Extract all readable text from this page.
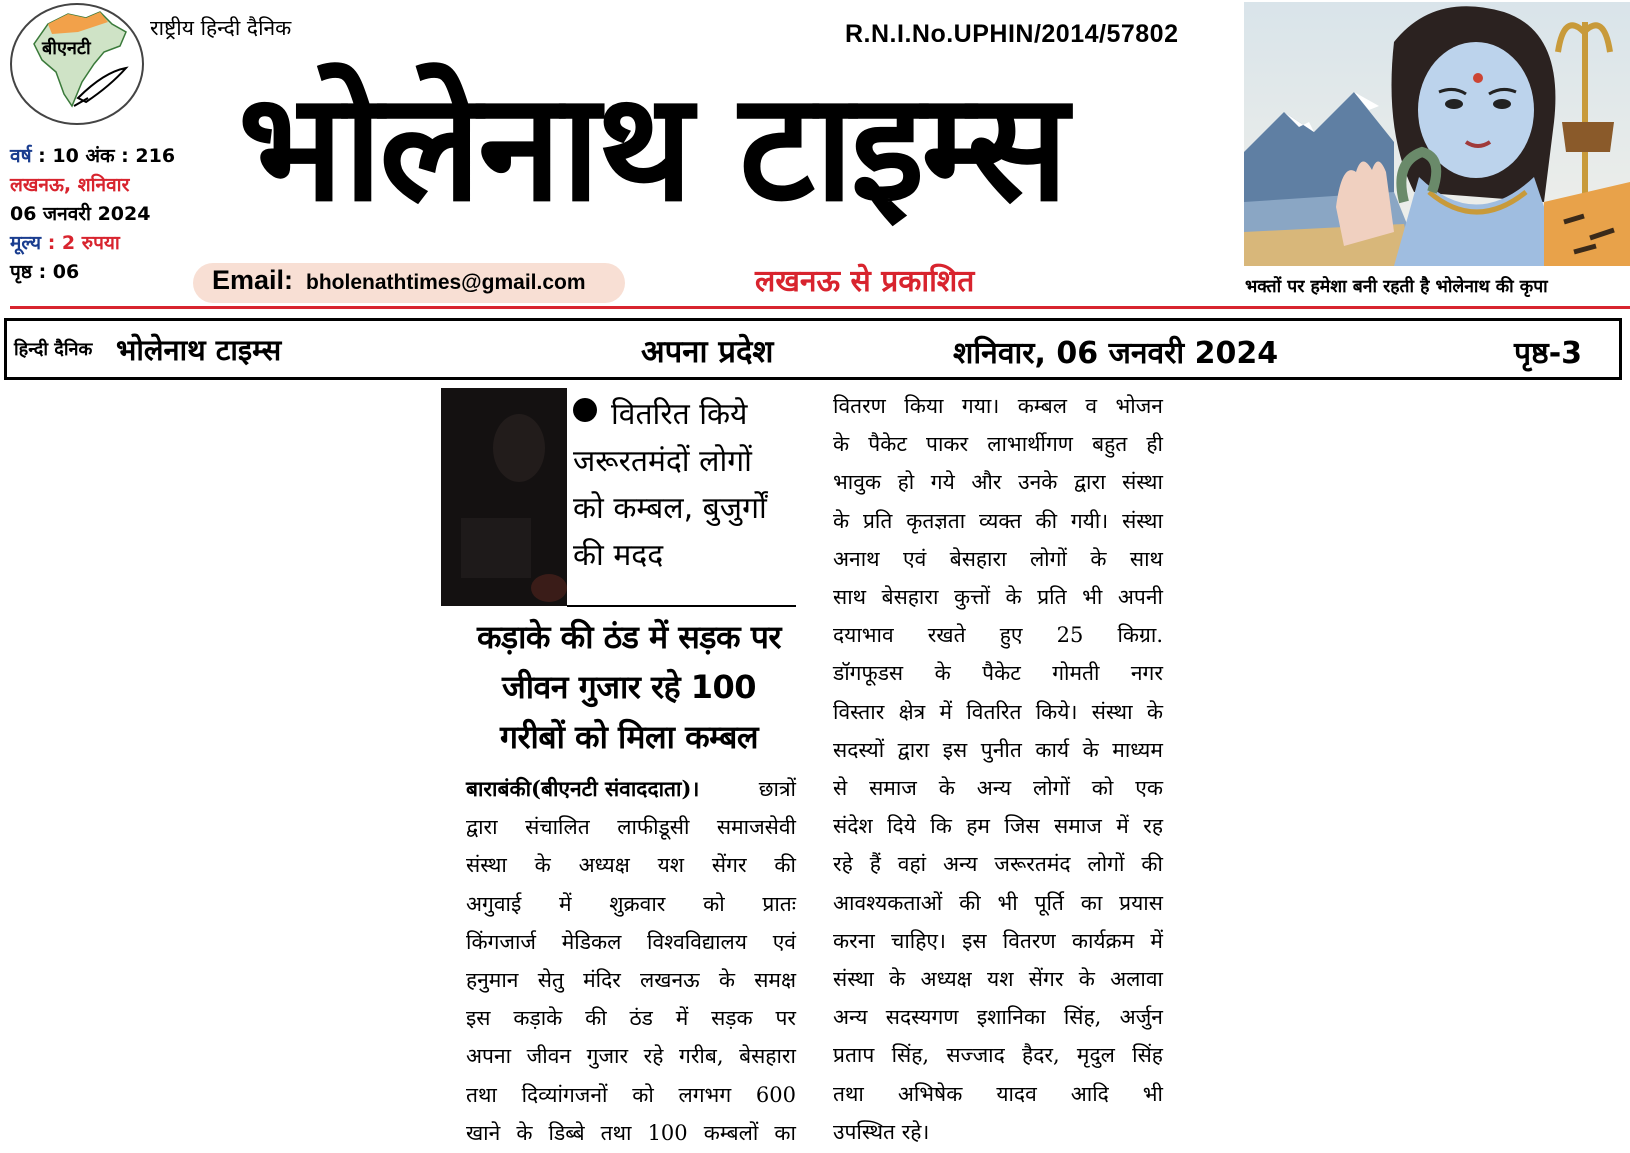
बीएनटी
राष्ट्रीय हिन्दी दैनिक
वर्ष : 10 अंक : 216
लखनऊ, शनिवार
06 जनवरी 2024
मूल्य : 2 रुपया
पृष्ठ : 06
R.N.I.No.UPHIN/2014/57802
भोलेनाथ टाइम्स
Email: bholenathtimes@gmail.com	लखनऊ से प्रकाशित	भक्तों पर हमेशा बनी रहती है भोलेनाथ की कृपा
हिन्दी दैनिक भोलेनाथ टाइम्स	अपना प्रदेश	शनिवार, 06 जनवरी 2024	पृष्ठ-3
वितरित किये
जरूरतमंदों लोगों
को कम्बल, बुजुर्गों
की मदद
कड़ाके की ठंड में सड़क पर
जीवन गुजार रहे 100
गरीबों को मिला कम्बल
बाराबंकी(बीएनटी संवाददाता)।	छात्रों
द्वारा संचालित लाफीडूसी समाजसेवी
संस्था के अध्यक्ष यश सेंगर की
अगुवाई में शुक्रवार को प्रातः
किंगजार्ज मेडिकल विश्वविद्यालय एवं
हनुमान सेतु मंदिर लखनऊ के समक्ष
इस कड़ाके की ठंड में सड़क पर
अपना जीवन गुजार रहे गरीब, बेसहारा
तथा दिव्यांगजनों को लगभग 600
खाने के डिब्बे तथा 100 कम्बलों का
वितरण किया गया। कम्बल व भोजन
के पैकेट पाकर लाभार्थीगण बहुत ही
भावुक हो गये और उनके द्वारा संस्था
के प्रति कृतज्ञता व्यक्त की गयी। संस्था
अनाथ एवं बेसहारा लोगों के साथ
साथ बेसहारा कुत्तों के प्रति भी अपनी
दयाभाव रखते हुए 25 किग्रा.
डॉगफूडस के पैकेट गोमती नगर
विस्तार क्षेत्र में वितरित किये। संस्था के
सदस्यों द्वारा इस पुनीत कार्य के माध्यम
से समाज के अन्य लोगों को एक
संदेश दिये कि हम जिस समाज में रह
रहे हैं वहां अन्य जरूरतमंद लोगों की
आवश्यकताओं की भी पूर्ति का प्रयास
करना चाहिए। इस वितरण कार्यक्रम में
संस्था के अध्यक्ष यश सेंगर के अलावा
अन्य सदस्यगण इशानिका सिंह, अर्जुन
प्रताप सिंह, सज्जाद हैदर, मृदुल सिंह
तथा अभिषेक यादव आदि भी
उपस्थित रहे।
